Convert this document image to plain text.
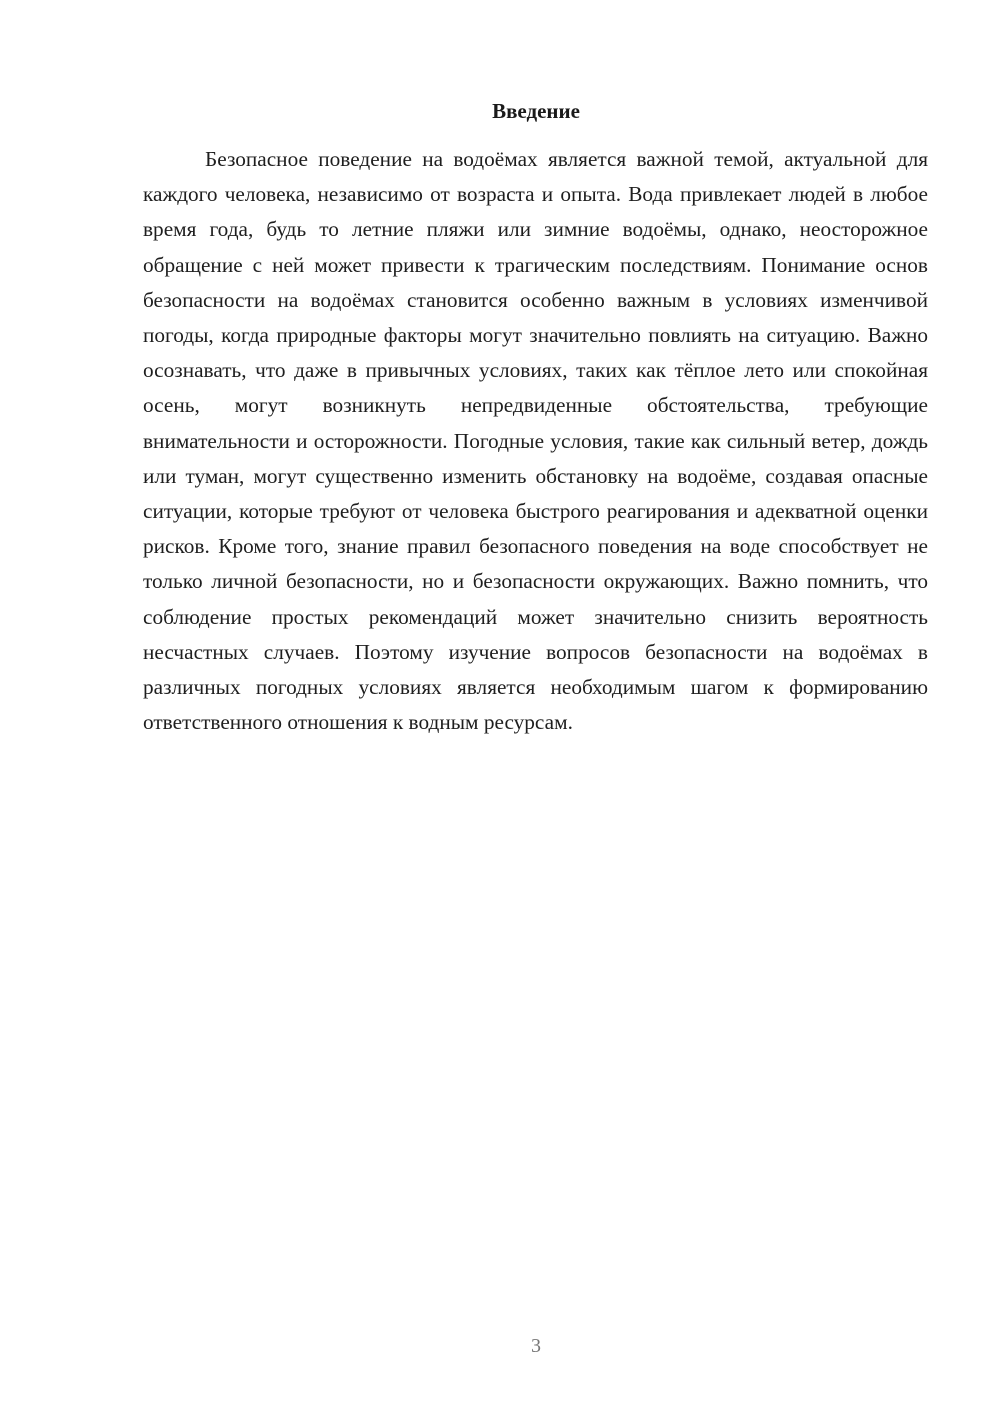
Введение

Безопасное поведение на водоёмах является важной темой, актуальной для каждого человека, независимо от возраста и опыта. Вода привлекает людей в любое время года, будь то летние пляжи или зимние водоёмы, однако, неосторожное обращение с ней может привести к трагическим последствиям. Понимание основ безопасности на водоёмах становится особенно важным в условиях изменчивой погоды, когда природные факторы могут значительно повлиять на ситуацию. Важно осознавать, что даже в привычных условиях, таких как тёплое лето или спокойная осень, могут возникнуть непредвиденные обстоятельства, требующие внимательности и осторожности. Погодные условия, такие как сильный ветер, дождь или туман, могут существенно изменить обстановку на водоёме, создавая опасные ситуации, которые требуют от человека быстрого реагирования и адекватной оценки рисков. Кроме того, знание правил безопасного поведения на воде способствует не только личной безопасности, но и безопасности окружающих. Важно помнить, что соблюдение простых рекомендаций может значительно снизить вероятность несчастных случаев. Поэтому изучение вопросов безопасности на водоёмах в различных погодных условиях является необходимым шагом к формированию ответственного отношения к водным ресурсам.

3
